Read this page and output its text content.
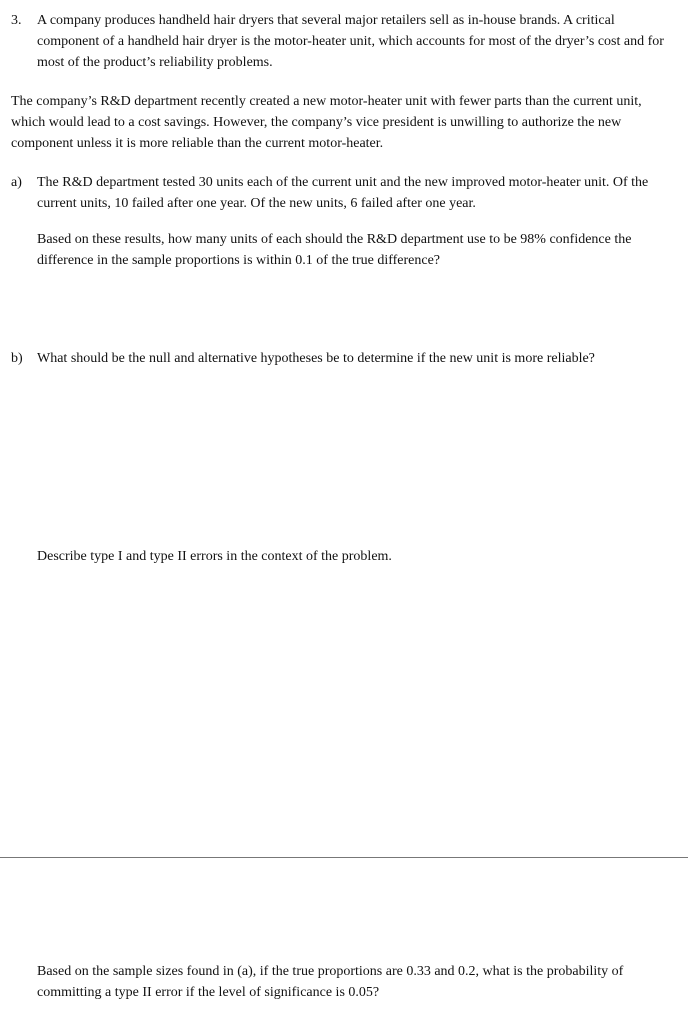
3. A company produces handheld hair dryers that several major retailers sell as in-house brands. A critical component of a handheld hair dryer is the motor-heater unit, which accounts for most of the dryer’s cost and for most of the product’s reliability problems.

The company’s R&D department recently created a new motor-heater unit with fewer parts than the current unit, which would lead to a cost savings. However, the company’s vice president is unwilling to authorize the new component unless it is more reliable than the current motor-heater.

a) The R&D department tested 30 units each of the current unit and the new improved motor-heater unit. Of the current units, 10 failed after one year. Of the new units, 6 failed after one year.

Based on these results, how many units of each should the R&D department use to be 98% confidence the difference in the sample proportions is within 0.1 of the true difference?

b) What should be the null and alternative hypotheses be to determine if the new unit is more reliable?

Describe type I and type II errors in the context of the problem.

Based on the sample sizes found in (a), if the true proportions are 0.33 and 0.2, what is the probability of committing a type II error if the level of significance is 0.05?
